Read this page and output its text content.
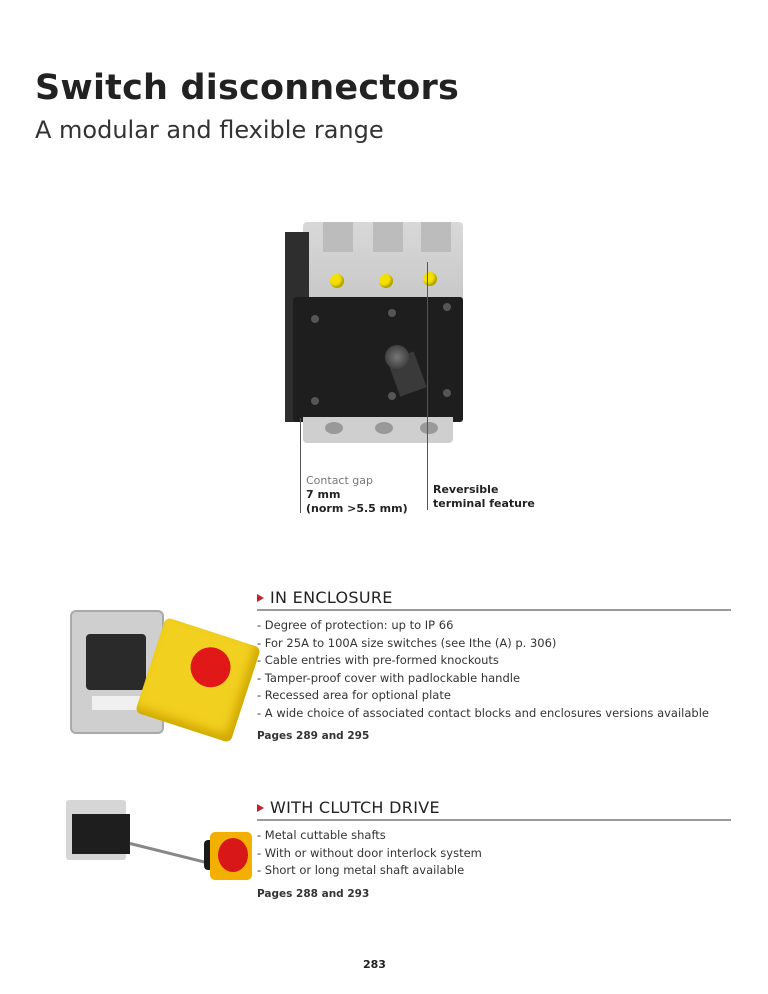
Switch disconnectors
A modular and flexible range
Contact gap
7 mm
(norm >5.5 mm)
Reversible
terminal feature
IN ENCLOSURE
- Degree of protection: up to IP 66
- For 25A to 100A size switches (see Ithe (A) p. 306)
- Cable entries with pre-formed knockouts
- Tamper-proof cover with padlockable handle
- Recessed area for optional plate
- A wide choice of associated contact blocks and enclosures versions available
Pages 289 and 295
WITH CLUTCH DRIVE
- Metal cuttable shafts
- With or without door interlock system
- Short or long metal shaft available
Pages 288 and 293
283
